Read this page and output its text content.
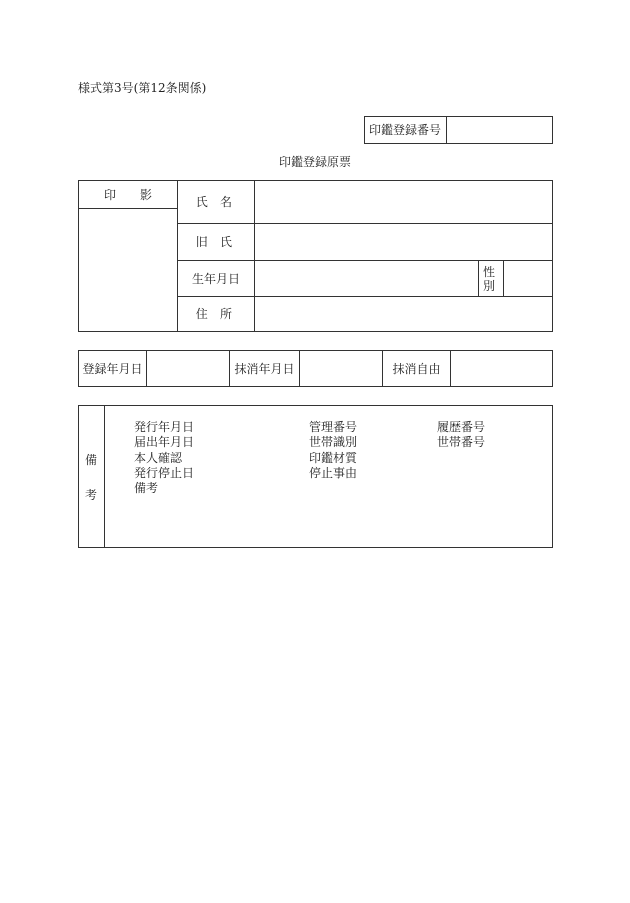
様式第3号(第12条関係)
印鑑登録番号
印鑑登録原票
印　　影
氏 名
旧 氏
生年月日	性
別
住 所
登録年月日	抹消年月日	抹消自由
備
考
発行年月日
届出年月日
本人確認
発行停止日
備考
管理番号
世帯識別
印鑑材質
停止事由
履歴番号
世帯番号
